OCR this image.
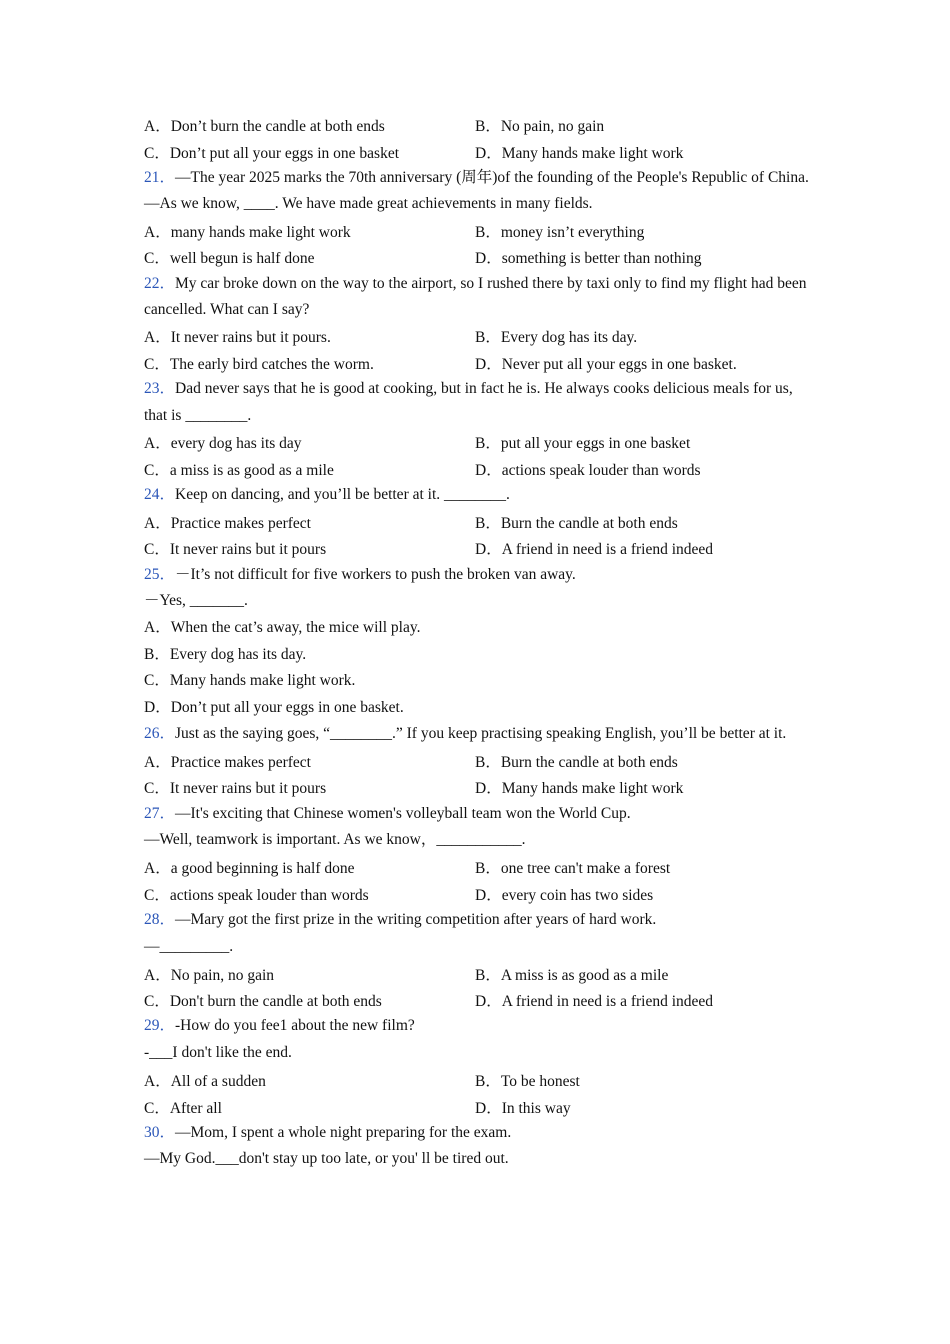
A．Don’t burn the candle at both ends	B．No pain, no gain
C．Don’t put all your eggs in one basket	D．Many hands make light work
21．—The year 2025 marks the 70th anniversary (周年)of the founding of the People's Republic of China.
—As we know, ____. We have made great achievements in many fields.
A．many hands make light work	B．money isn’t everything
C．well begun is half done	D．something is better than nothing
22．My car broke down on the way to the airport, so I rushed there by taxi only to find my flight had been cancelled. What can I say?
A．It never rains but it pours.	B．Every dog has its day.
C．The early bird catches the worm.	D．Never put all your eggs in one basket.
23．Dad never says that he is good at cooking, but in fact he is. He always cooks delicious meals for us, that is ________.
A．every dog has its day	B．put all your eggs in one basket
C．a miss is as good as a mile	D．actions speak louder than words
24．Keep on dancing, and you’ll be better at it. ________.
A．Practice makes perfect	B．Burn the candle at both ends
C．It never rains but it pours	D．A friend in need is a friend indeed
25．－It’s not difficult for five workers to push the broken van away.
－Yes, _______.
A．When the cat’s away, the mice will play.
B．Every dog has its day.
C．Many hands make light work.
D．Don’t put all your eggs in one basket.
26．Just as the saying goes, “________.” If you keep practising speaking English, you’ll be better at it.
A．Practice makes perfect	B．Burn the candle at both ends
C．It never rains but it pours	D．Many hands make light work
27．—It's exciting that Chinese women's volleyball team won the World Cup.
—Well, teamwork is important. As we know，___________.
A．a good beginning is half done	B．one tree can't make a forest
C．actions speak louder than words	D．every coin has two sides
28．—Mary got the first prize in the writing competition after years of hard work.
—_________.
A．No pain, no gain	B．A miss is as good as a mile
C．Don't burn the candle at both ends	D．A friend in need is a friend indeed
29．-How do you fee1 about the new film?
-___I don't like the end.
A．All of a sudden	B．To be honest
C．After all	D．In this way
30．—Mom, I spent a whole night preparing for the exam.
—My God.___don't stay up too late, or you' ll be tired out.
